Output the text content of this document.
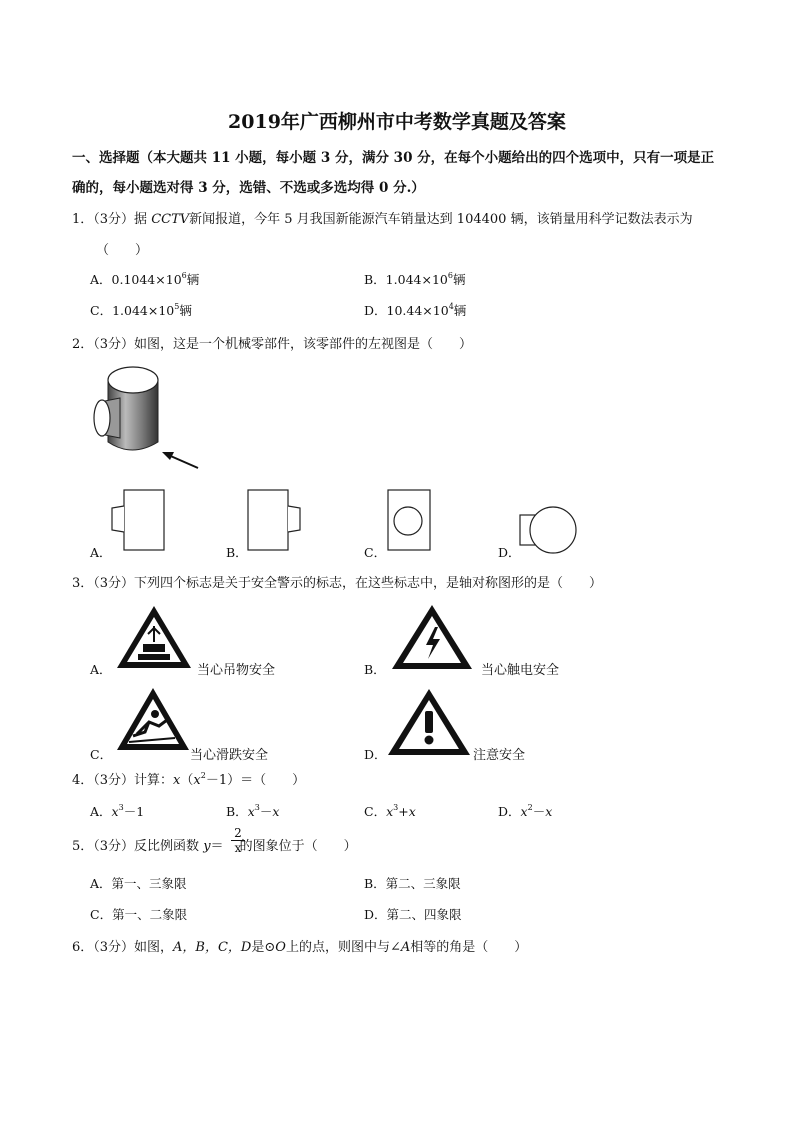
2019年广西柳州市中考数学真题及答案
一、选择题（本大题共 11 小题，每小题 3 分，满分 30 分，在每个小题给出的四个选项中，只有一项是正
确的，每小题选对得 3 分，选错、不选或多选均得 0 分.）
1．（3分）据 CCTV新闻报道，今年 5 月我国新能源汽车销量达到 104400 辆，该销量用科学记数法表示为
（　　）
A．$0.1044\times 10^6$辆	B．$1.044\times 10^6$辆
C．$1.044\times 10^5$辆	D．$10.44\times 10^4$辆
2．（3分）如图，这是一个机械零部件，该零部件的左视图是（　　）
A．	B．	C．	D．
3．（3分）下列四个标志是关于安全警示的标志，在这些标志中，是轴对称图形的是（　　）
A．	当心吊物安全	B．	当心触电安全
C．	当心滑跌安全	D．	注意安全
4．（3分）计算：$x(x^2-1)=$（　　）
A．$x^3-1$	B．$x^3-x$	C．$x^3+x$	D．$x^2-x$
5．（3分）反比例函数 y＝ 的图象位于（　　）
$\frac{2}{x}$
A．第一、三象限	B．第二、三象限
C．第一、二象限	D．第二、四象限
6．（3分）如图，A，B，C，D是⊙O上的点，则图中与∠A相等的角是（　　）
